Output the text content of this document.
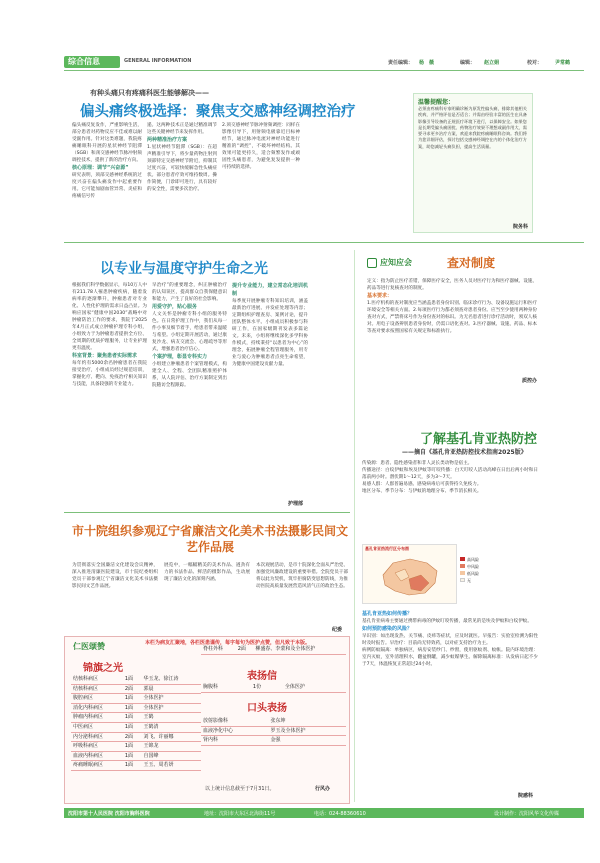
综合信息	GENERAL INFORMATION	责任编辑： 杨　薇	编辑： 赵立娟	校对：	尹常鹤
有种头痛只有疼痛科医生能够解决——
偏头痛终极选择：聚焦支交感神经调控治疗
偏头痛反复发作，严重影响生活，部分患者对药物反应不佳或难以耐受副作用。针对这类难题，我院疼痛睡眠科开展的星状神经节阻滞（SGB）和颈交感神经节脉冲射频调控技术，提供了新的治疗方向。
核心原理：调节“兴奋源”
研究表明，颈部交感神经系统的过度兴奋在偏头痛发作中起重要作用。它可能加剧血管异常、炎症和疼痛信号传
递。这两种技术正是通过精准调节这些关键神经节来发挥作用。
两种精准治疗方案
1.星状神经节阻滞（SGB）：在超声精准引导下，将少量药物注射到颈部特定交感神经节附近，抑制其过度兴奋，可较快缓解急性头痛症状。部分患者疗效可维持数周。操作简便，门诊即可进行，具有较好的安全性，需要多次治疗。
2.颈交感神经节脉冲射频调控：同样在影像引导下，用射频电极靠近目标神经节，通过脉冲电流对神经功能进行精准的“调控”，不破坏神经结构。其效果可能更持久，适合频繁发作或顽固性头痛患者，为避免复发提供一种可持续的选择。
温馨提醒您：
必须由疼痛科专家明确诊断为原发性偏头痛，排除其他相关疾病，并严格评估是否适合；并需由经验丰富的医生在具备影像引导设备的正规医疗环境下进行，以保障安全。如果您是长期受偏头痛困扰、药物治疗效果不理想或副作用大、需要寻求更多治疗方案，欢迎来我院疼痛睡眠科咨询。我们将为您详细评估，探讨包括交感神经调控在内的个体化治疗方案，助您减轻头痛负担，提高生活质量。
院务科
以专业与温度守护生命之光
根据我们科学数据显示，每10万人中有211.78人罹患肿瘤疾病，随着发病率的逐渐攀升，肿瘤患者对专业化、人性化护理的需求日益凸显。为响应国家“健康中国2030”战略中对肿瘤防治工作的要求，我院于2025年4月正式成立肿瘤护理专科小组，小组致力于为肿瘤患者提供全方位、全周期的优质护理服务，让专业护理更有温度。
科室背景：聚焦患者实际需求
每年约有5000余名肿瘤患者在我院接受治疗，小组成员经过规范培训，掌握化疗、靶向、免疫治疗相关知识与技能，具备较强的专业能力。
早治疗”的重要理念，纠正肿瘤治疗的认知误区，提高群众自我保健意识和能力，产生了良好的社会影响。
用爱守护，贴心服务
人文关怀是肿瘤专科小组的服务特色。在日常护理工作中，我们从每一件小事及细节着手，给患者带来温暖与希望。小组定期开展活动，通过康复沙龙、病友交流会、心理疏导等形式，增强患者治疗信心。
个案护理，彰显专科实力
小组建立肿瘤患者个案管理模式，构建全人、全程、全团队精准照护体系，从人院评估、治疗方案制定到出院随访全程跟踪。
提升专业能力，建立常态化培训机制
每季度开展肿瘤专科知识培训，涵盖最新治疗进展、并发症处理等内容；定期组织护理查房、案例讨论，提升团队整体水平。小组成员积极参与科研工作，在国家级期刊发表多篇论文。未来，小组将继续深化多学科协作模式，持续秉持“以患者为中心”的理念，拓展肿瘤全程管理服务，用专业与爱心为肿瘤患者点亮生命希望，为健康中国建设贡献力量。
护理部
应知应会	查对制度
定义：指为防止医疗差错，保障医疗安全，医务人员对医疗行为和医疗器械、设施、药品等进行复核查对的制度。
基本要求：
1.医疗机构的查对制度应当涵盖患者身份识别、临床诊疗行为、设备设施运行和医疗环境安全等相关方面。2.每项医疗行为都必须查对患者身份。应当至少使用两种身份查对方式，严禁将床号作为身份查对的标识。为无名患者进行诊疗活动时，须双人核对。用电子设备辨别患者身份时，仍需口语化查对。3.医疗器械、设施、药品、标本等查对要求按照国家有关规定和标准执行。
质控办
了解基孔肯亚热防控
——摘自《基孔肯亚热防控技术指南2025版》
传染源：患者、隐性感染者和非人灵长类动物是宿主。
传播途径：白纹伊蚊和埃及伊蚊等叮咬传播：白天叮咬人活动高峰在日出后两小时和日落前两小时。潜伏期1～12天，多为3～7天。
易感人群：人群普遍易感。感染病毒后可获得持久免疫力。
地区分布、季节分布：与伊蚊的地理分布、季节消长相关。
基孔肯亚热流行区分布图
高风险
中风险
低风险
无
基孔肯亚热如何传播？
基孔肯亚病毒主要通过携带病毒的伊蚊叮咬传播，最常见的是埃及伊蚊和白纹伊蚊。
如何预防感染的风险？
早识别：如出现发热、关节痛、皮疹等症状，应及时就医。早报告：实验室检测为阳性时及时报告。早治疗：目前尚无特效药，以对症支持治疗为主。
病例防蚊隔离：单独病区，病房安装纱门、纱窗，使用驱蚊剂、蚊帐。院内环境治理：室内灭蚊，室外清理积水，翻盆倒罐，减少蚊媒孳生。解除隔离标准：从发病日起不少于7天，体温恢复正常超过24小时。
院感科
市十院组织参观辽宁省廉洁文化美术书法摄影民间文艺作品展
为贯彻落实全国廉洁文化建设会议精神，深入推进清廉医院建设，市十院纪委组织党员干部参观辽宁省廉洁文化美术书法摄影民间文艺作品展。
展览中，一幅幅精美的美术作品、遒劲有力的书法作品、鲜活的摄影作品，生动展现了廉洁文化的深刻内涵。
本次观展活动，是市十院深化全面从严治党、加强党风廉政建设的重要举措。全院党员干部将以此为契机，筑牢拒腐防变思想防线，为推动医院高质量发展营造风清气正的政治生态。
纪委
仁医颂赞	本栏为病友汇聚地，各栏医患谨传，每字每句为医护点赞，但凡致于本版。
锦旗之光
结核科病区	1面	华玉龙、徐江涛
结核科病区	2面	郭晨
腹腔病区	1面	全体医护
消化内科病区	1面	全体医护
肿瘤内科病区	1面	王鹤
中医病区	1面	王鹤清
内分泌科病区	2面	刘飞、许丽娜
呼吸科病区	1面	王锦龙
血液内科病区	1面	自国峰
疼痛睡眠病区	1面	王玉、周若妍
脊柱外科	2面	柳盛春、李蒙和及全体医护
表扬信
胸腹科	1份	全体医护
口头表扬
放射影像科	张东坤
血液净化中心	罗玉及全体医护
肾内科	金强
以上统计信息截至于7月31日。	行风办
沈阳市第十人民医院 沈阳市胸科医院	地址：沈阳市大东区北海街11号	电话：024-88360610	设计制作：沈阳风华文化传媒
